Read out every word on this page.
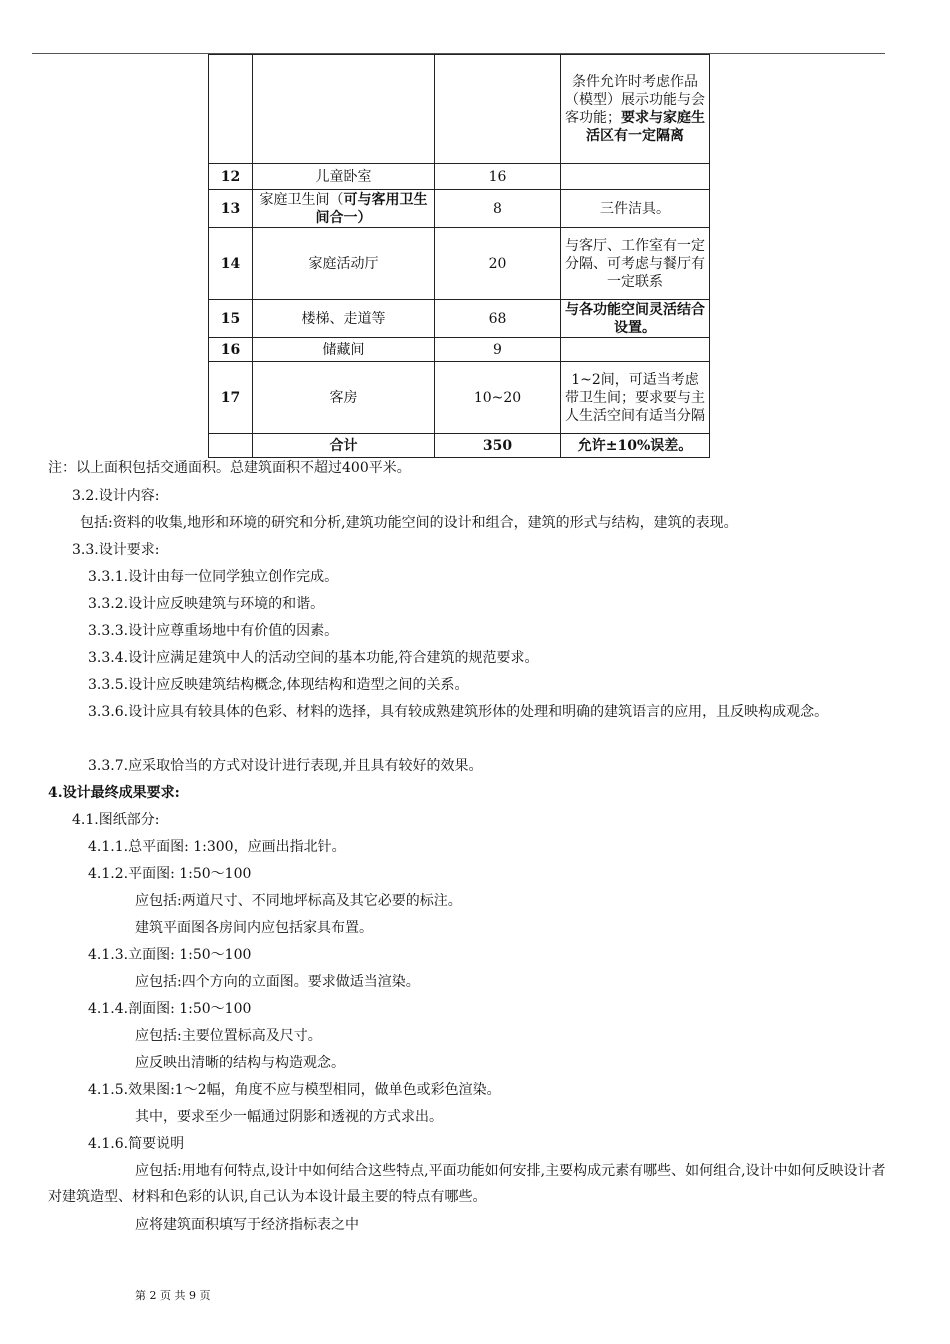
			条件允许时考虑作品（模型）展示功能与会客功能；要求与家庭生活区有一定隔离
12	儿童卧室	16	
13	家庭卫生间（可与客用卫生间合一）	8	三件洁具。
14	家庭活动厅	20	与客厅、工作室有一定分隔、可考虑与餐厅有一定联系
15	楼梯、走道等	68	与各功能空间灵活结合设置。
16	储藏间	9	
17	客房	10~20	1~2间，可适当考虑带卫生间；要求要与主人生活空间有适当分隔
	合计	350	允许±10%误差。
注：以上面积包括交通面积。总建筑面积不超过400平米。
3.2.设计内容:
包括:资料的收集,地形和环境的研究和分析,建筑功能空间的设计和组合，建筑的形式与结构，建筑的表现。
3.3.设计要求:
3.3.1.设计由每一位同学独立创作完成。
3.3.2.设计应反映建筑与环境的和谐。
3.3.3.设计应尊重场地中有价值的因素。
3.3.4.设计应满足建筑中人的活动空间的基本功能,符合建筑的规范要求。
3.3.5.设计应反映建筑结构概念,体现结构和造型之间的关系。
3.3.6.设计应具有较具体的色彩、材料的选择，具有较成熟建筑形体的处理和明确的建筑语言的应用，且反映构成观念。
3.3.7.应采取恰当的方式对设计进行表现,并且具有较好的效果。
4.设计最终成果要求:
4.1.图纸部分:
4.1.1.总平面图: 1:300，应画出指北针。
4.1.2.平面图: 1:50～100
应包括:两道尺寸、不同地坪标高及其它必要的标注。
建筑平面图各房间内应包括家具布置。
4.1.3.立面图: 1:50～100
应包括:四个方向的立面图。要求做适当渲染。
4.1.4.剖面图: 1:50～100
应包括:主要位置标高及尺寸。
应反映出清晰的结构与构造观念。
4.1.5.效果图:1～2幅，角度不应与模型相同，做单色或彩色渲染。
其中，要求至少一幅通过阴影和透视的方式求出。
4.1.6.简要说明
应包括:用地有何特点,设计中如何结合这些特点,平面功能如何安排,主要构成元素有哪些、如何组合,设计中如何反映设计者对建筑造型、材料和色彩的认识,自己认为本设计最主要的特点有哪些。
应将建筑面积填写于经济指标表之中
第 2 页 共 9 页
